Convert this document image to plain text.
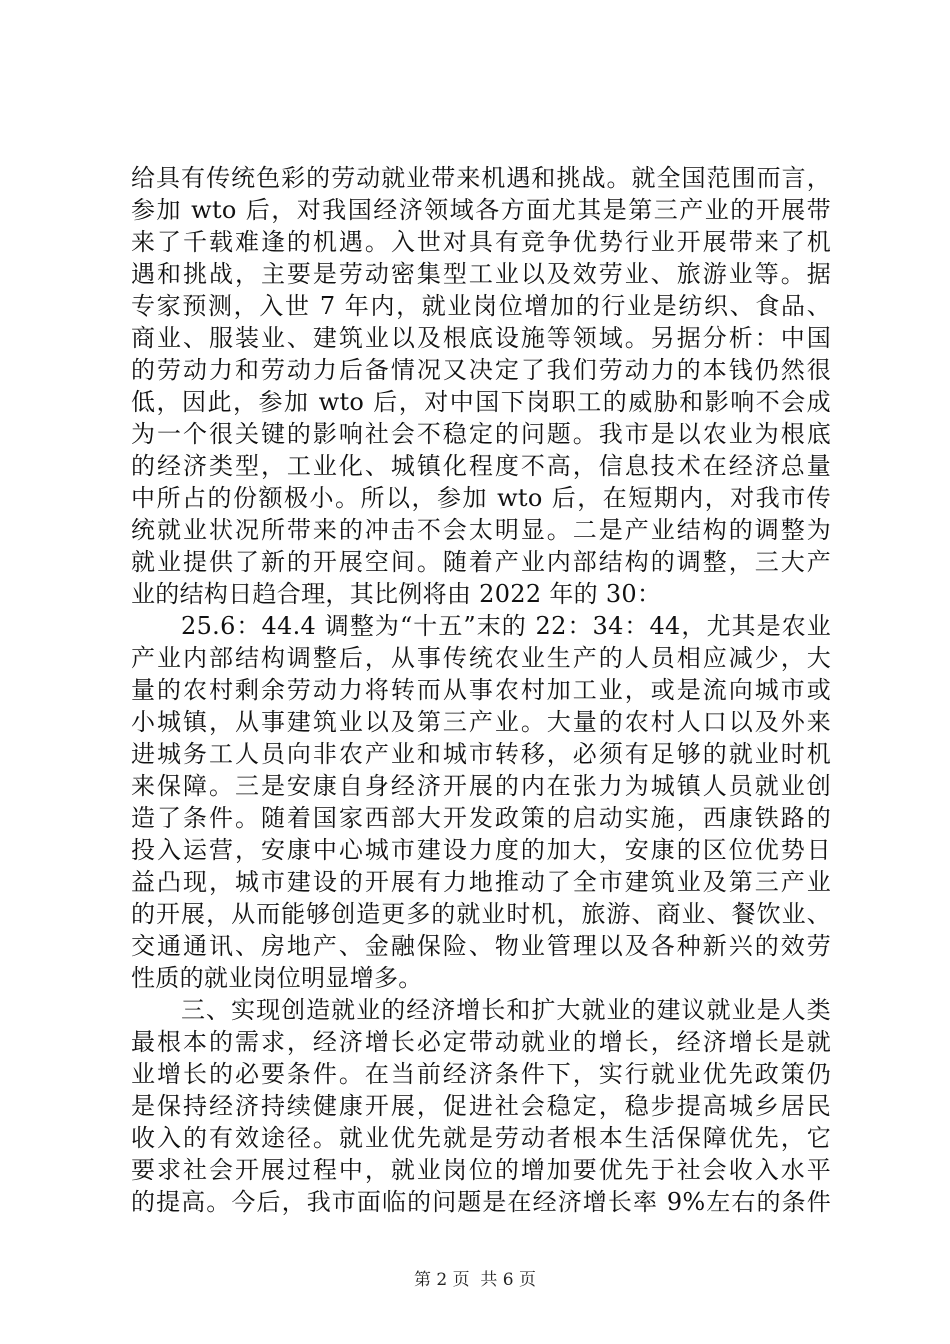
给具有传统色彩的劳动就业带来机遇和挑战。就全国范围而言，
参加 wto 后，对我国经济领域各方面尤其是第三产业的开展带
来了千载难逢的机遇。入世对具有竞争优势行业开展带来了机
遇和挑战，主要是劳动密集型工业以及效劳业、旅游业等。据
专家预测，入世 7 年内，就业岗位增加的行业是纺织、食品、
商业、服装业、建筑业以及根底设施等领域。另据分析：中国
的劳动力和劳动力后备情况又决定了我们劳动力的本钱仍然很
低，因此，参加 wto 后，对中国下岗职工的威胁和影响不会成
为一个很关键的影响社会不稳定的问题。我市是以农业为根底
的经济类型，工业化、城镇化程度不高，信息技术在经济总量
中所占的份额极小。所以，参加 wto 后，在短期内，对我市传
统就业状况所带来的冲击不会太明显。二是产业结构的调整为
就业提供了新的开展空间。随着产业内部结构的调整，三大产
业的结构日趋合理，其比例将由 2022 年的 30：
25.6：44.4 调整为“十五”末的 22：34：44，尤其是农业
产业内部结构调整后，从事传统农业生产的人员相应减少，大
量的农村剩余劳动力将转而从事农村加工业，或是流向城市或
小城镇，从事建筑业以及第三产业。大量的农村人口以及外来
进城务工人员向非农产业和城市转移，必须有足够的就业时机
来保障。三是安康自身经济开展的内在张力为城镇人员就业创
造了条件。随着国家西部大开发政策的启动实施，西康铁路的
投入运营，安康中心城市建设力度的加大，安康的区位优势日
益凸现，城市建设的开展有力地推动了全市建筑业及第三产业
的开展，从而能够创造更多的就业时机，旅游、商业、餐饮业、
交通通讯、房地产、金融保险、物业管理以及各种新兴的效劳
性质的就业岗位明显增多。
三、实现创造就业的经济增长和扩大就业的建议就业是人类
最根本的需求，经济增长必定带动就业的增长，经济增长是就
业增长的必要条件。在当前经济条件下，实行就业优先政策仍
是保持经济持续健康开展，促进社会稳定，稳步提高城乡居民
收入的有效途径。就业优先就是劳动者根本生活保障优先，它
要求社会开展过程中，就业岗位的增加要优先于社会收入水平
的提高。今后，我市面临的问题是在经济增长率 9%左右的条件
第 2 页 共 6 页
